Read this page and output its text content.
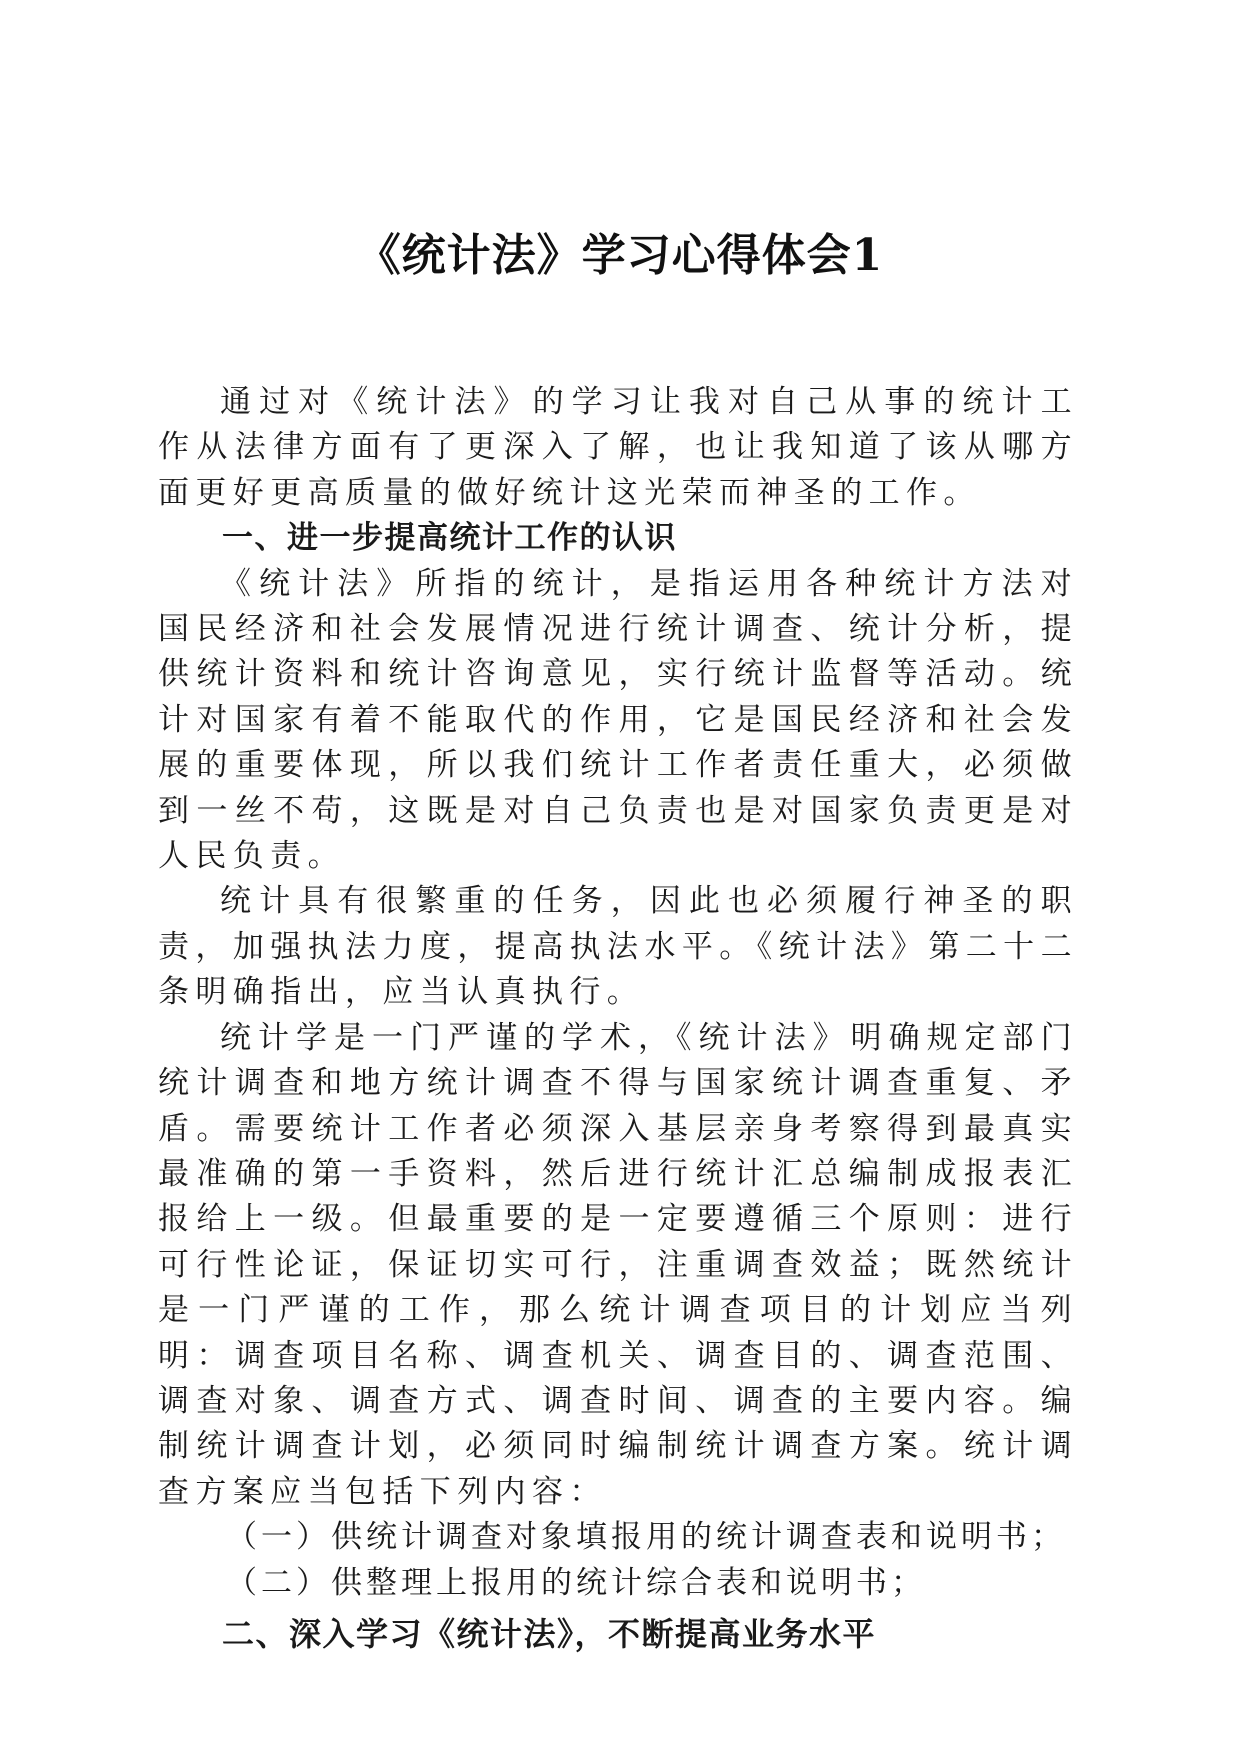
《统计法》学习心得体会1

通过对《统计法》的学习让我对自己从事的统计工作从法律方面有了更深入了解，也让我知道了该从哪方面更好更高质量的做好统计这光荣而神圣的工作。

一、进一步提高统计工作的认识

《统计法》所指的统计，是指运用各种统计方法对国民经济和社会发展情况进行统计调查、统计分析，提供统计资料和统计咨询意见，实行统计监督等活动。统计对国家有着不能取代的作用，它是国民经济和社会发展的重要体现，所以我们统计工作者责任重大，必须做到一丝不苟，这既是对自己负责也是对国家负责更是对人民负责。

统计具有很繁重的任务，因此也必须履行神圣的职责，加强执法力度，提高执法水平。《统计法》第二十二条明确指出，应当认真执行。

统计学是一门严谨的学术，《统计法》明确规定部门统计调查和地方统计调查不得与国家统计调查重复、矛盾。需要统计工作者必须深入基层亲身考察得到最真实最准确的第一手资料，然后进行统计汇总编制成报表汇报给上一级。但最重要的是一定要遵循三个原则：进行可行性论证，保证切实可行，注重调查效益；既然统计是一门严谨的工作，那么统计调查项目的计划应当列明：调查项目名称、调查机关、调查目的、调查范围、调查对象、调查方式、调查时间、调查的主要内容。编制统计调查计划，必须同时编制统计调查方案。统计调查方案应当包括下列内容：

（一）供统计调查对象填报用的统计调查表和说明书；

（二）供整理上报用的统计综合表和说明书；

二、深入学习《统计法》，不断提高业务水平
